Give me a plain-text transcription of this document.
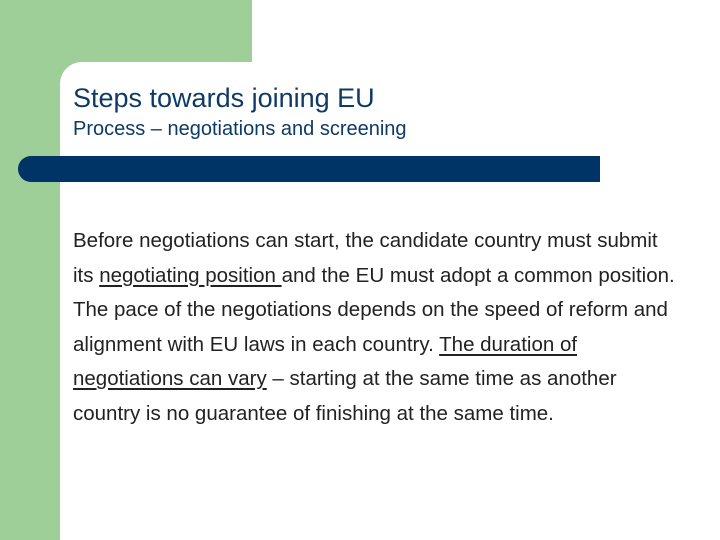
Steps towards joining EU
Process – negotiations and screening

Before negotiations can start, the candidate country must submit its negotiating position and the EU must adopt a common position. The pace of the negotiations depends on the speed of reform and alignment with EU laws in each country. The duration of negotiations can vary – starting at the same time as another country is no guarantee of finishing at the same time.
